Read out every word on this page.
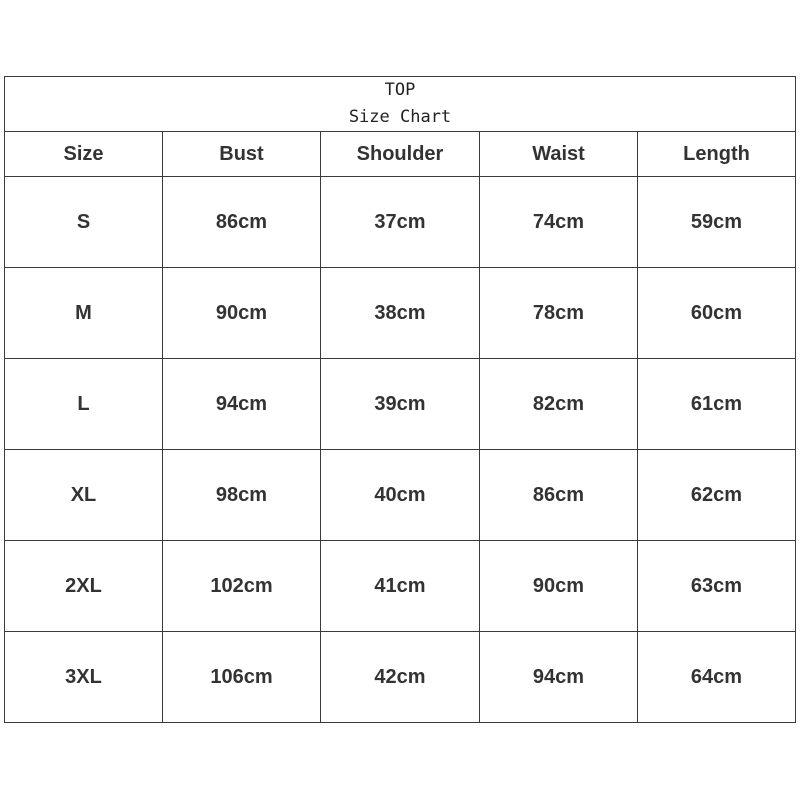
TOP
Size Chart				

Size	Bust	Shoulder	Waist	Length
S	86cm	37cm	74cm	59cm
M	90cm	38cm	78cm	60cm
L	94cm	39cm	82cm	61cm
XL	98cm	40cm	86cm	62cm
2XL	102cm	41cm	90cm	63cm
3XL	106cm	42cm	94cm	64cm
